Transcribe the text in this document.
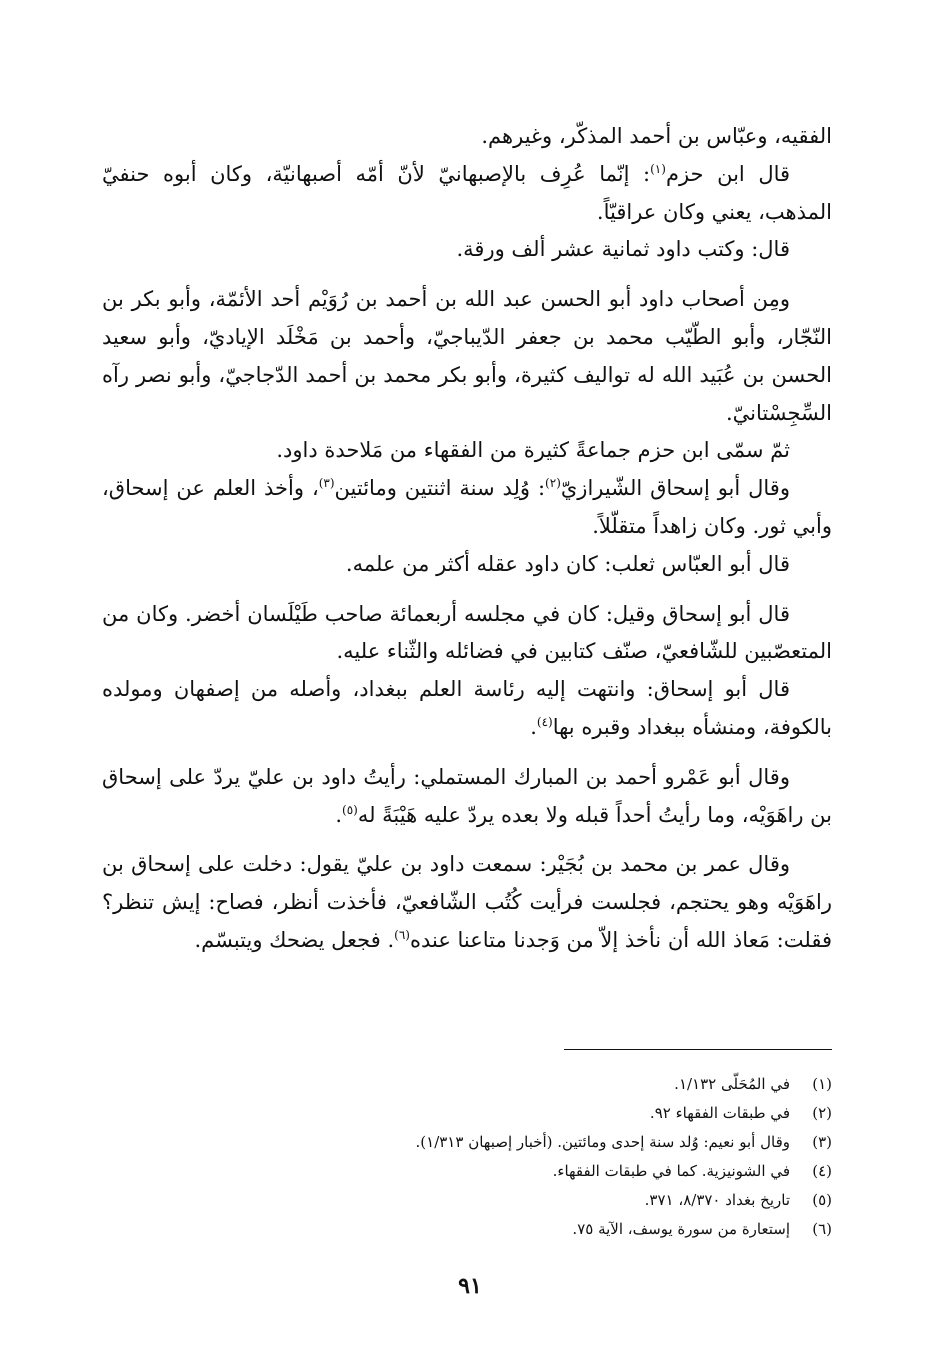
الفقيه، وعبّاس بن أحمد المذكّر، وغيرهم.

قال ابن حزم$^{(١)}$: إنّما عُرِف بالإصبهانيّ لأنّ أمّه أصبهانيّة، وكان أبوه حنفيّ المذهب، يعني وكان عراقيّاً.

قال: وكتب داود ثمانية عشر ألف ورقة.

ومِن أصحاب داود أبو الحسن عبد الله بن أحمد بن رُوَيْم أحد الأئمّة، وأبو بكر بن النّجّار، وأبو الطّيّب محمد بن جعفر الدّيباجيّ، وأحمد بن مَخْلَد الإياديّ، وأبو سعيد الحسن بن عُبَيد الله له تواليف كثيرة، وأبو بكر محمد بن أحمد الدّجاجيّ، وأبو نصر رآه السِّجِسْتانيّ.

ثمّ سمّى ابن حزم جماعةً كثيرة من الفقهاء من مَلاحدة داود.

وقال أبو إسحاق الشّيرازيّ$^{(٢)}$: وُلِد سنة اثنتين ومائتين$^{(٣)}$، وأخذ العلم عن إسحاق، وأبي ثور. وكان زاهداً متقلّلاً.

قال أبو العبّاس ثعلب: كان داود عقله أكثر من علمه.

قال أبو إسحاق وقيل: كان في مجلسه أربعمائة صاحب طَيْلَسان أخضر. وكان من المتعصّبين للشّافعيّ، صنّف كتابين في فضائله والثّناء عليه.

قال أبو إسحاق: وانتهت إليه رئاسة العلم ببغداد، وأصله من إصفهان ومولده بالكوفة، ومنشأه ببغداد وقبره بها$^{(٤)}$.

وقال أبو عَمْرو أحمد بن المبارك المستملي: رأيتُ داود بن عليّ يردّ على إسحاق بن راهَوَيْه، وما رأيتُ أحداً قبله ولا بعده يردّ عليه هَيْبَةً له$^{(٥)}$.

وقال عمر بن محمد بن بُجَيْر: سمعت داود بن عليّ يقول: دخلت على إسحاق بن راهَوَيْه وهو يحتجم، فجلست فرأيت كُتُب الشّافعيّ، فأخذت أنظر، فصاح: إيش تنظر؟ فقلت: مَعاذ الله أن نأخذ إلاّ من وَجدنا متاعنا عنده$^{(٦)}$. فجعل يضحك ويتبسّم.

(١)
في المُحَلّى ١/١٣٢.
(٢)
في طبقات الفقهاء ٩٢.
(٣)
وقال أبو نعيم: وُلد سنة إحدى ومائتين. (أخبار إصبهان ١/٣١٣).
(٤)
في الشونيزية. كما في طبقات الفقهاء.
(٥)
تاريخ بغداد ٨/٣٧٠، ٣٧١.
(٦)
إستعارة من سورة يوسف، الآية ٧٥.
٩١
